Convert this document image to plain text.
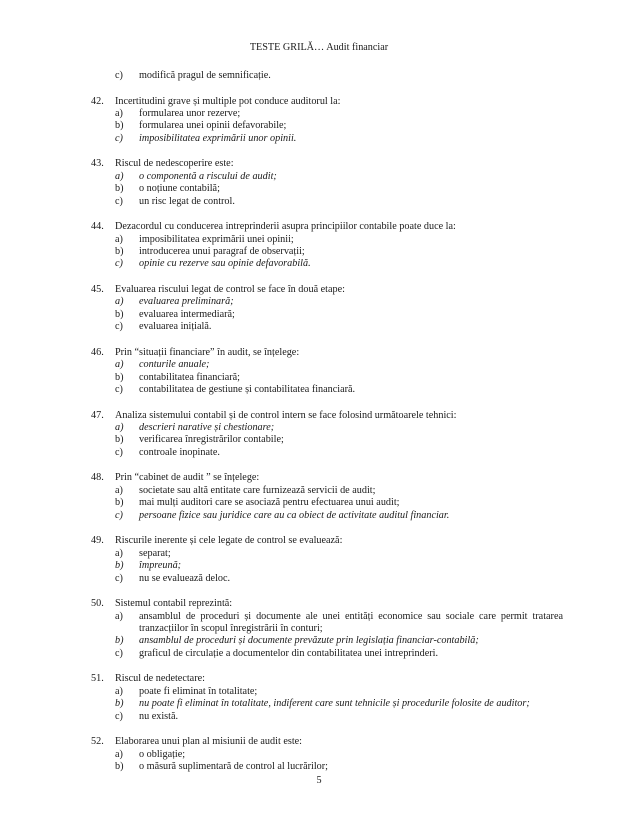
TESTE GRILĂ… Audit financiar
c)	modifică pragul de semnificație.
42.	Incertitudini grave și multiple pot conduce auditorul la:
a)	formularea unor rezerve;
b)	formularea unei opinii defavorabile;
c)	imposibilitatea exprimării unor opinii.
43.	Riscul de nedescoperire este:
a)	o componentă a riscului de audit;
b)	o noțiune contabilă;
c)	un risc legat de control.
44.	Dezacordul cu conducerea intreprinderii asupra principiilor contabile poate duce la:
a)	imposibilitatea exprimării unei opinii;
b)	introducerea unui paragraf de observații;
c)	opinie cu rezerve sau opinie defavorabilă.
45.	Evaluarea riscului legat de control se face în două etape:
a)	evaluarea preliminară;
b)	evaluarea intermediară;
c)	evaluarea inițială.
46.	Prin “situații financiare” în audit, se înțelege:
a)	conturile anuale;
b)	contabilitatea financiară;
c)	contabilitatea de gestiune și contabilitatea financiară.
47.	Analiza sistemului contabil și de control intern se face folosind următoarele tehnici:
a)	descrieri narative și chestionare;
b)	verificarea înregistrărilor contabile;
c)	controale inopinate.
48.	Prin “cabinet de audit ” se înțelege:
a)	societate sau altă entitate care furnizează servicii de audit;
b)	mai mulți auditori care se asociază pentru efectuarea unui audit;
c)	persoane fizice sau juridice care au ca obiect de activitate auditul financiar.
49.	Riscurile inerente și cele legate de control se evaluează:
a)	separat;
b)	împreună;
c)	nu se evaluează deloc.
50.	Sistemul contabil reprezintă:
a)	ansamblul de proceduri și documente ale unei entități economice sau sociale care permit tratarea tranzacțiilor în scopul înregistrării în conturi;
b)	ansamblul de proceduri și documente prevăzute prin legislația financiar-contabilă;
c)	graficul de circulație a documentelor din contabilitatea unei intreprinderi.
51.	Riscul de nedetectare:
a)	poate fi eliminat în totalitate;
b)	nu poate fi eliminat în totalitate, indiferent care sunt tehnicile și procedurile folosite de auditor;
c)	nu există.
52.	Elaborarea unui plan al misiunii de audit este:
a)	o obligație;
b)	o măsură suplimentară de control al lucrărilor;
5
